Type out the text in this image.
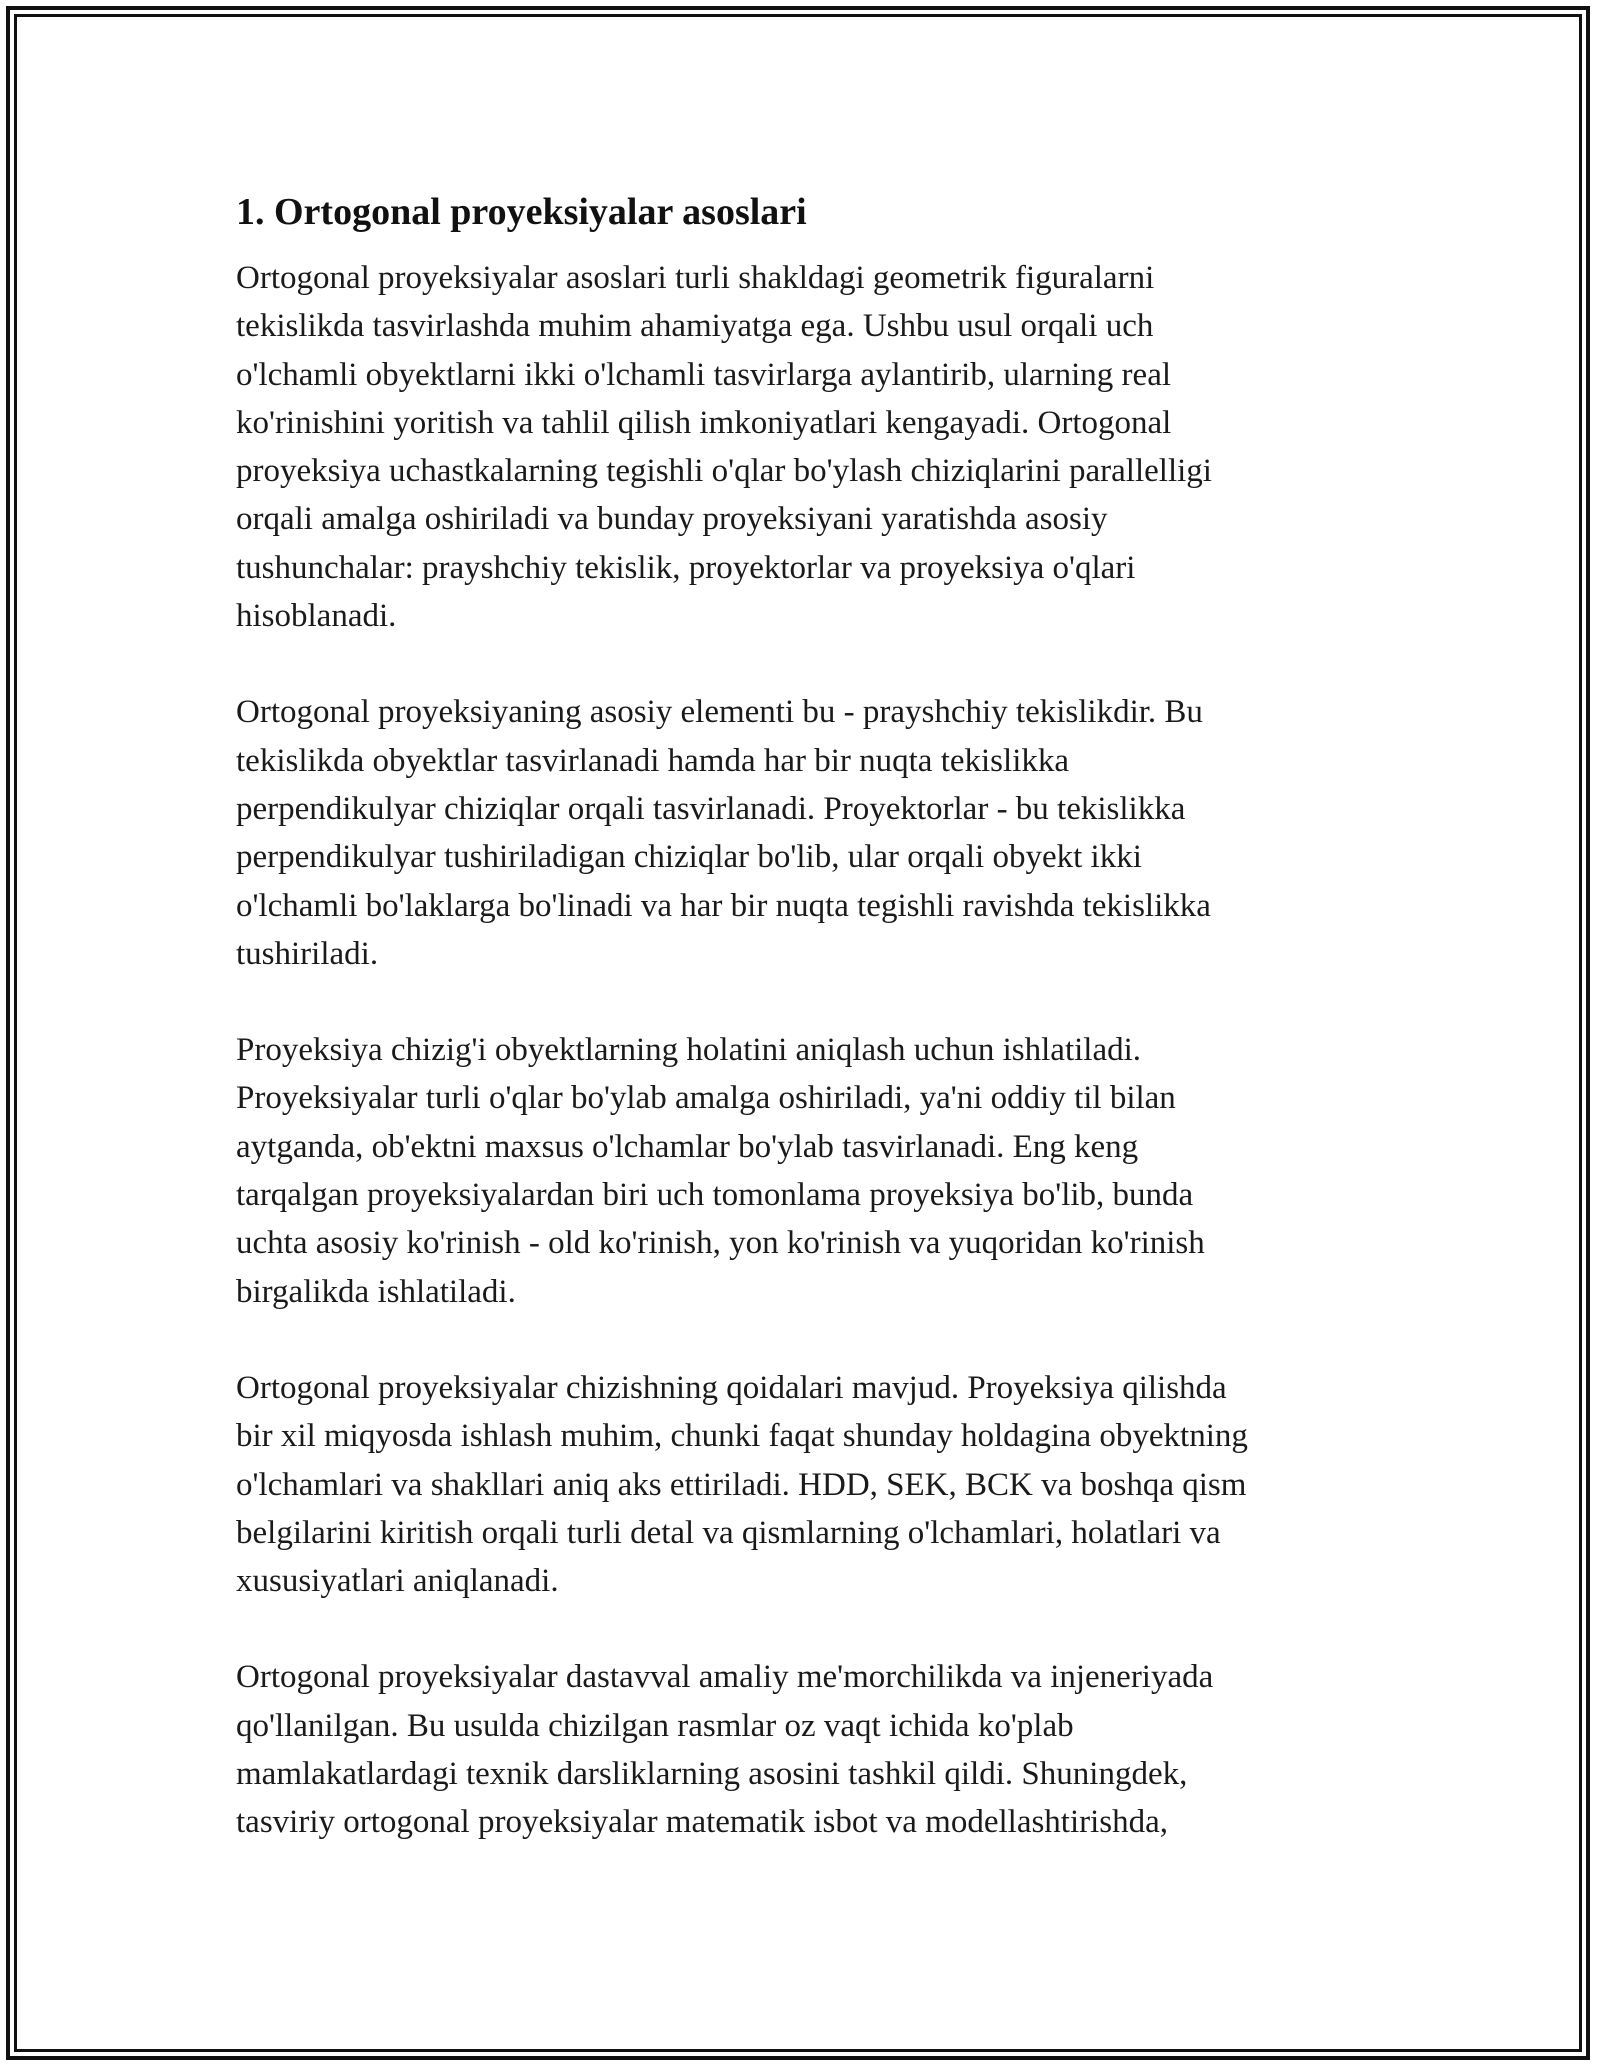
1. Ortogonal proyeksiyalar asoslari

Ortogonal proyeksiyalar asoslari turli shakldagi geometrik figuralarni
tekislikda tasvirlashda muhim ahamiyatga ega. Ushbu usul orqali uch
o'lchamli obyektlarni ikki o'lchamli tasvirlarga aylantirib, ularning real
ko'rinishini yoritish va tahlil qilish imkoniyatlari kengayadi. Ortogonal
proyeksiya uchastkalarning tegishli o'qlar bo'ylash chiziqlarini parallelligi
orqali amalga oshiriladi va bunday proyeksiyani yaratishda asosiy
tushunchalar: prayshchiy tekislik, proyektorlar va proyeksiya o'qlari
hisoblanadi.

Ortogonal proyeksiyaning asosiy elementi bu - prayshchiy tekislikdir. Bu
tekislikda obyektlar tasvirlanadi hamda har bir nuqta tekislikka
perpendikulyar chiziqlar orqali tasvirlanadi. Proyektorlar - bu tekislikka
perpendikulyar tushiriladigan chiziqlar bo'lib, ular orqali obyekt ikki
o'lchamli bo'laklarga bo'linadi va har bir nuqta tegishli ravishda tekislikka
tushiriladi.

Proyeksiya chizig'i obyektlarning holatini aniqlash uchun ishlatiladi.
Proyeksiyalar turli o'qlar bo'ylab amalga oshiriladi, ya'ni oddiy til bilan
aytganda, ob'ektni maxsus o'lchamlar bo'ylab tasvirlanadi. Eng keng
tarqalgan proyeksiyalardan biri uch tomonlama proyeksiya bo'lib, bunda
uchta asosiy ko'rinish - old ko'rinish, yon ko'rinish va yuqoridan ko'rinish
birgalikda ishlatiladi.

Ortogonal proyeksiyalar chizishning qoidalari mavjud. Proyeksiya qilishda
bir xil miqyosda ishlash muhim, chunki faqat shunday holdagina obyektning
o'lchamlari va shakllari aniq aks ettiriladi. HDD, SEK, BCK va boshqa qism
belgilarini kiritish orqali turli detal va qismlarning o'lchamlari, holatlari va
xususiyatlari aniqlanadi.

Ortogonal proyeksiyalar dastavval amaliy me'morchilikda va injeneriyada
qo'llanilgan. Bu usulda chizilgan rasmlar oz vaqt ichida ko'plab
mamlakatlardagi texnik darsliklarning asosini tashkil qildi. Shuningdek,
tasviriy ortogonal proyeksiyalar matematik isbot va modellashtirishda,
